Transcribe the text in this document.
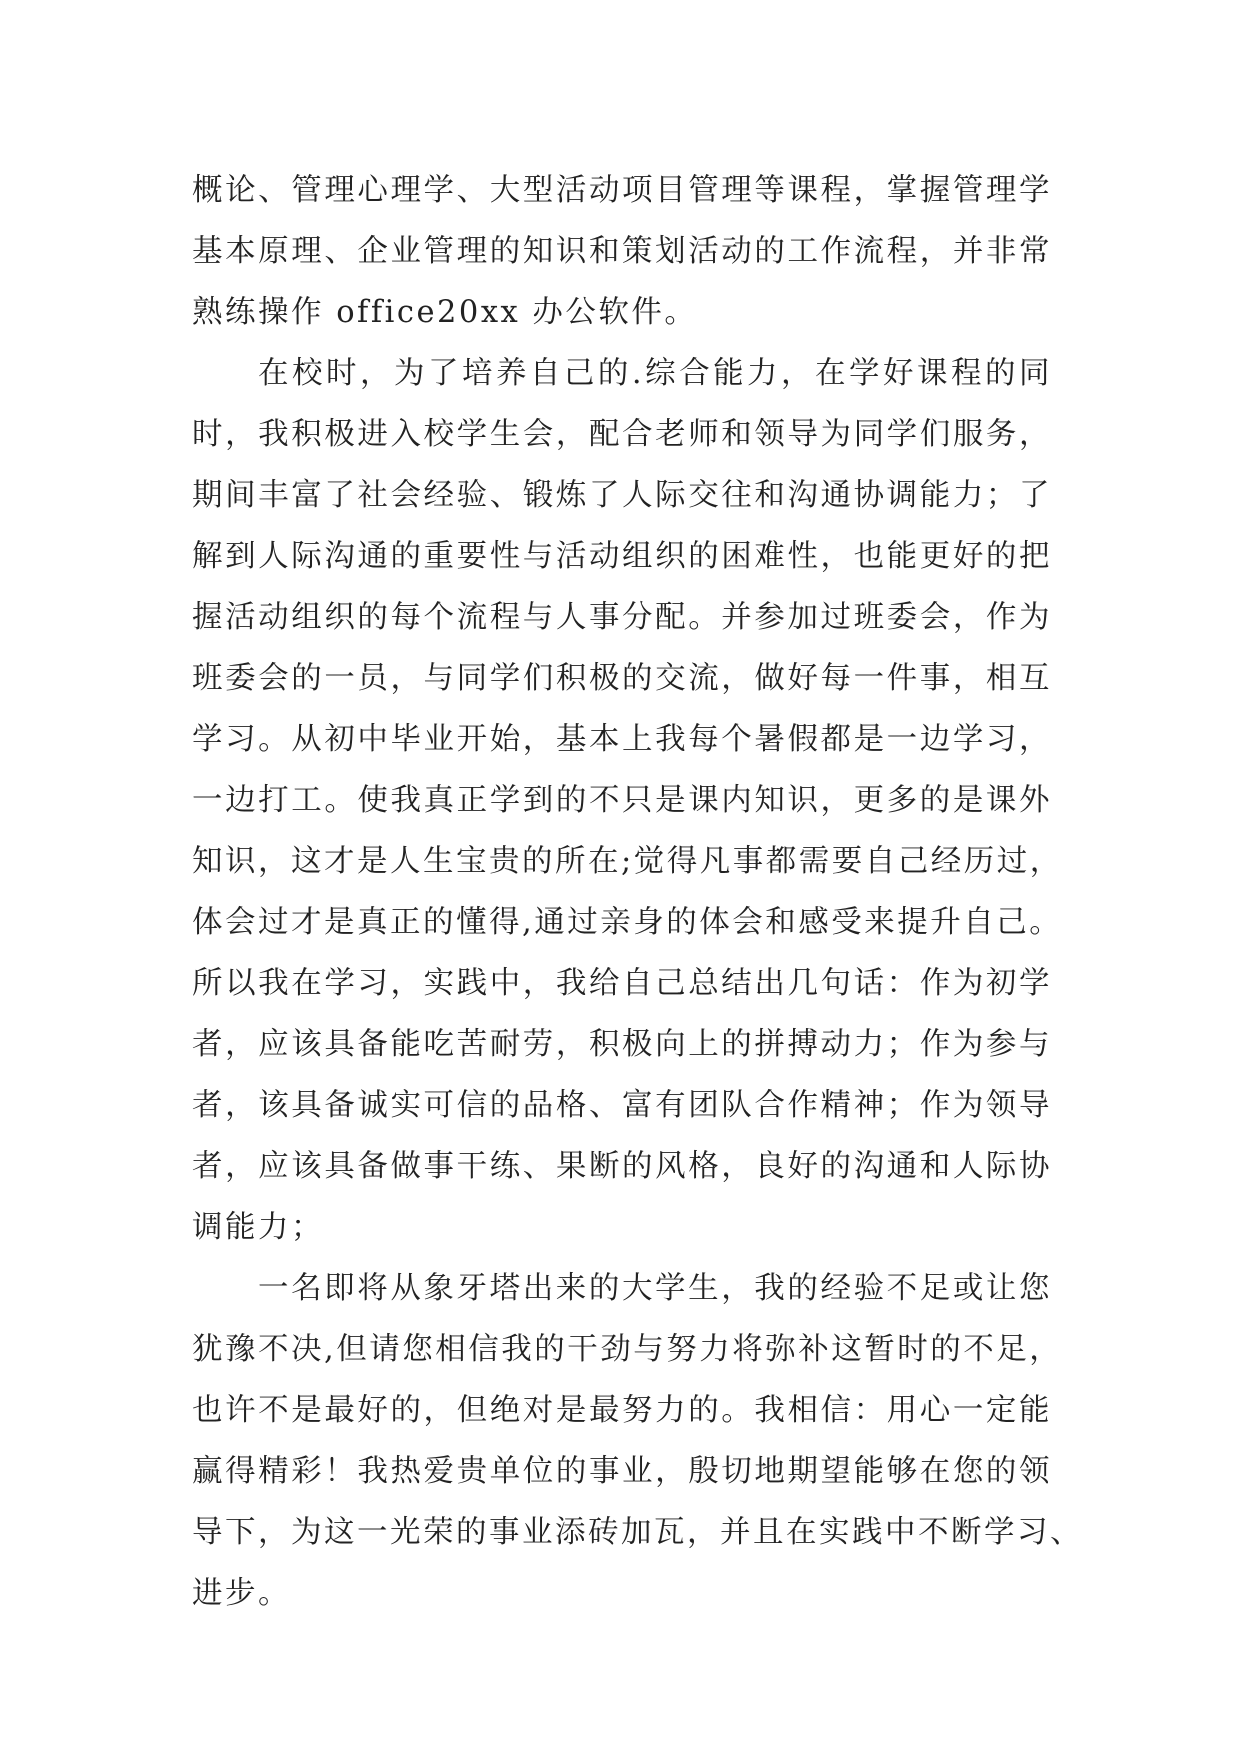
概论、管理心理学、大型活动项目管理等课程，掌握管理学
基本原理、企业管理的知识和策划活动的工作流程，并非常
熟练操作 office20xx 办公软件。
在校时，为了培养自己的.综合能力，在学好课程的同
时，我积极进入校学生会，配合老师和领导为同学们服务，
期间丰富了社会经验、锻炼了人际交往和沟通协调能力；了
解到人际沟通的重要性与活动组织的困难性，也能更好的把
握活动组织的每个流程与人事分配。并参加过班委会，作为
班委会的一员，与同学们积极的交流，做好每一件事，相互
学习。从初中毕业开始，基本上我每个暑假都是一边学习，
一边打工。使我真正学到的不只是课内知识，更多的是课外
知识，这才是人生宝贵的所在;觉得凡事都需要自己经历过，
体会过才是真正的懂得,通过亲身的体会和感受来提升自己。
所以我在学习，实践中，我给自己总结出几句话：作为初学
者，应该具备能吃苦耐劳，积极向上的拼搏动力；作为参与
者，该具备诚实可信的品格、富有团队合作精神；作为领导
者，应该具备做事干练、果断的风格，良好的沟通和人际协
调能力；
一名即将从象牙塔出来的大学生，我的经验不足或让您
犹豫不决,但请您相信我的干劲与努力将弥补这暂时的不足，
也许不是最好的，但绝对是最努力的。我相信：用心一定能
赢得精彩！我热爱贵单位的事业，殷切地期望能够在您的领
导下，为这一光荣的事业添砖加瓦，并且在实践中不断学习、
进步。
